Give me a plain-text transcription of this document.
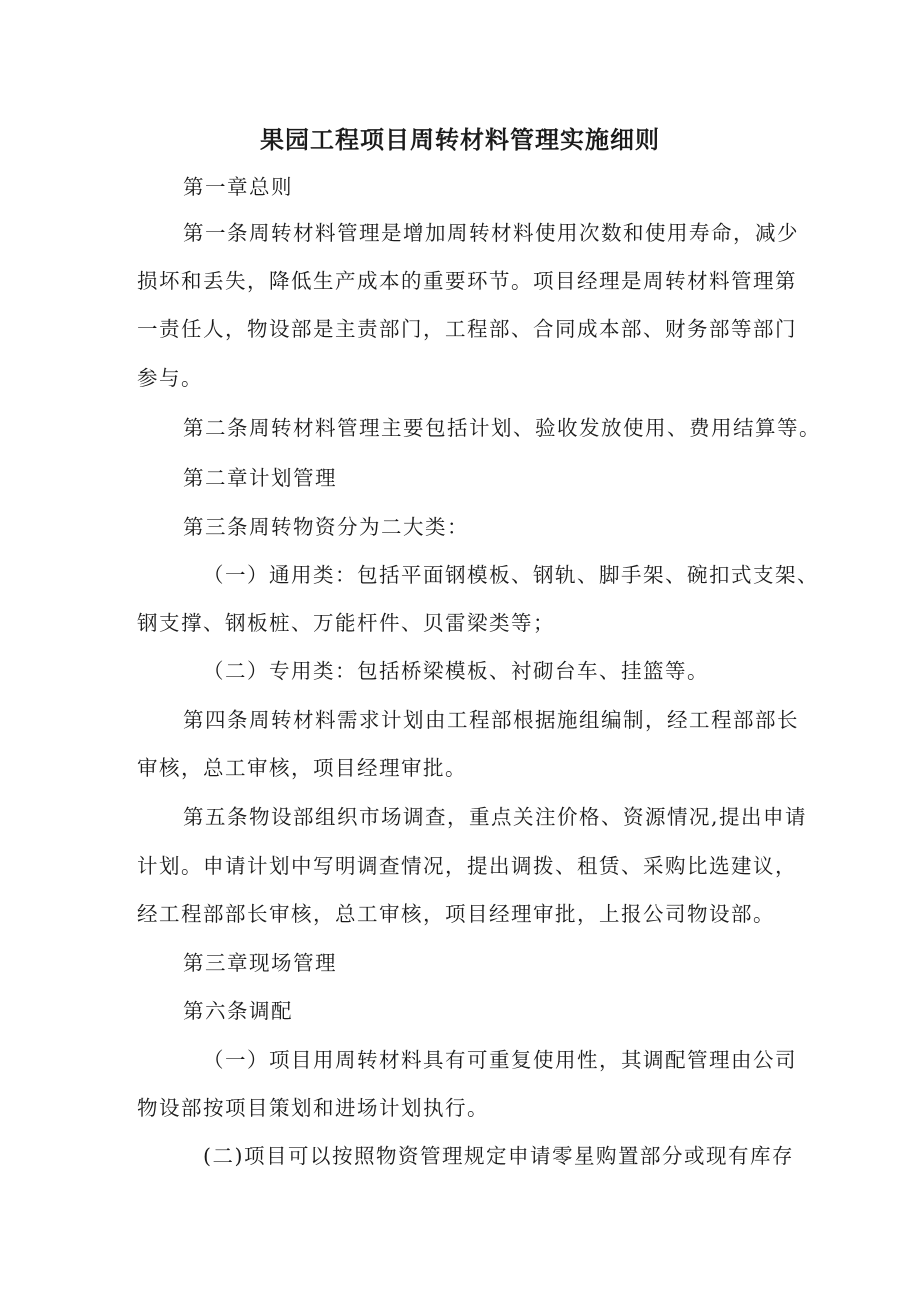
果园工程项目周转材料管理实施细则

第一章总则

第一条周转材料管理是增加周转材料使用次数和使用寿命，减少

损坏和丢失，降低生产成本的重要环节。项目经理是周转材料管理第

一责任人，物设部是主责部门，工程部、合同成本部、财务部等部门

参与。

第二条周转材料管理主要包括计划、验收发放使用、费用结算等。

第二章计划管理

第三条周转物资分为二大类：

（一）通用类：包括平面钢模板、钢轨、脚手架、碗扣式支架、

钢支撑、钢板桩、万能杆件、贝雷梁类等；

（二）专用类：包括桥梁模板、衬砌台车、挂篮等。

第四条周转材料需求计划由工程部根据施组编制，经工程部部长

审核，总工审核，项目经理审批。

第五条物设部组织市场调查，重点关注价格、资源情况,提出申请

计划。申请计划中写明调查情况，提出调拨、租赁、采购比选建议，

经工程部部长审核，总工审核，项目经理审批，上报公司物设部。

第三章现场管理

第六条调配

（一）项目用周转材料具有可重复使用性，其调配管理由公司

物设部按项目策划和进场计划执行。

(二)项目可以按照物资管理规定申请零星购置部分或现有库存
